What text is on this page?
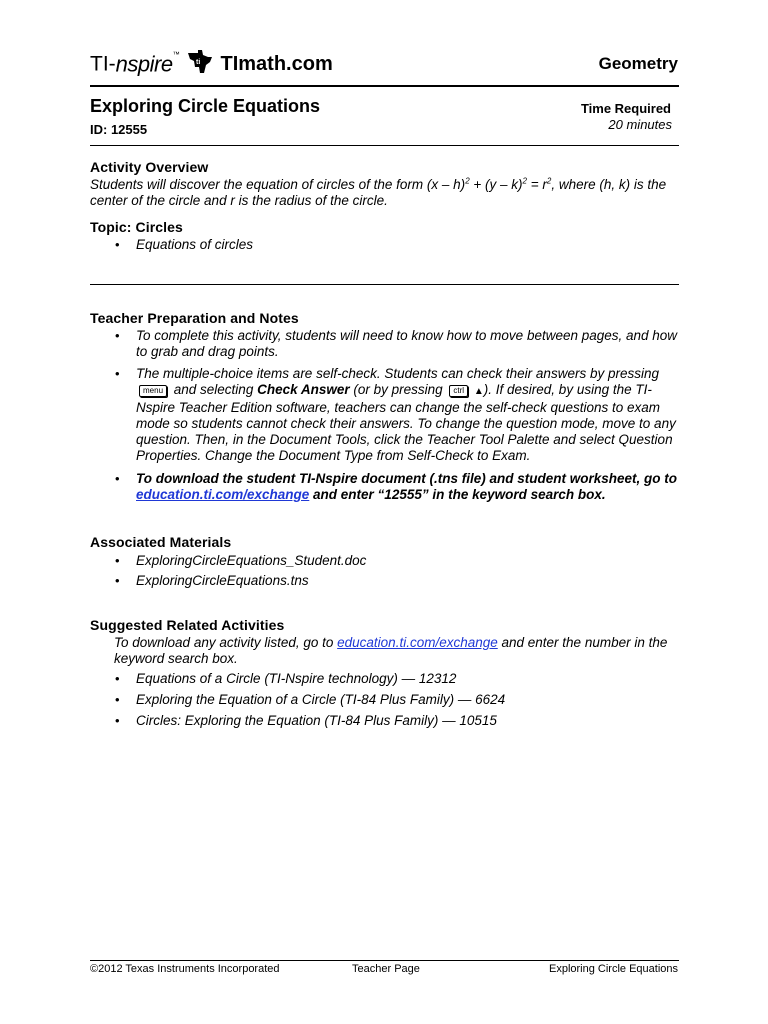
TI-nspire™
ti TImath.com	Geometry
Exploring Circle Equations
ID: 12555
Time Required
20 minutes
Activity Overview
Students will discover the equation of circles of the form $(x - h)^2 + (y - k)^2 = r^2$, where (h, k) is the center of the circle and r is the radius of the circle.
Topic: Circles
• Equations of circles
Teacher Preparation and Notes
• To complete this activity, students will need to know how to move between pages, and how to grab and drag points.
• The multiple-choice items are self-check. Students can check their answers by pressing menu and selecting Check Answer (or by pressing ctrl ▲). If desired, by using the TI-Nspire Teacher Edition software, teachers can change the self-check questions to exam mode so students cannot check their answers. To change the question mode, move to any question. Then, in the Document Tools, click the Teacher Tool Palette and select Question Properties. Change the Document Type from Self-Check to Exam.
• To download the student TI-Nspire document (.tns file) and student worksheet, go to education.ti.com/exchange and enter “12555” in the keyword search box.
Associated Materials
• ExploringCircleEquations_Student.doc
• ExploringCircleEquations.tns
Suggested Related Activities
To download any activity listed, go to education.ti.com/exchange and enter the number in the keyword search box.
• Equations of a Circle (TI-Nspire technology) — 12312
• Exploring the Equation of a Circle (TI-84 Plus Family) — 6624
• Circles: Exploring the Equation (TI-84 Plus Family) — 10515
©2012 Texas Instruments Incorporated	Teacher Page	Exploring Circle Equations
